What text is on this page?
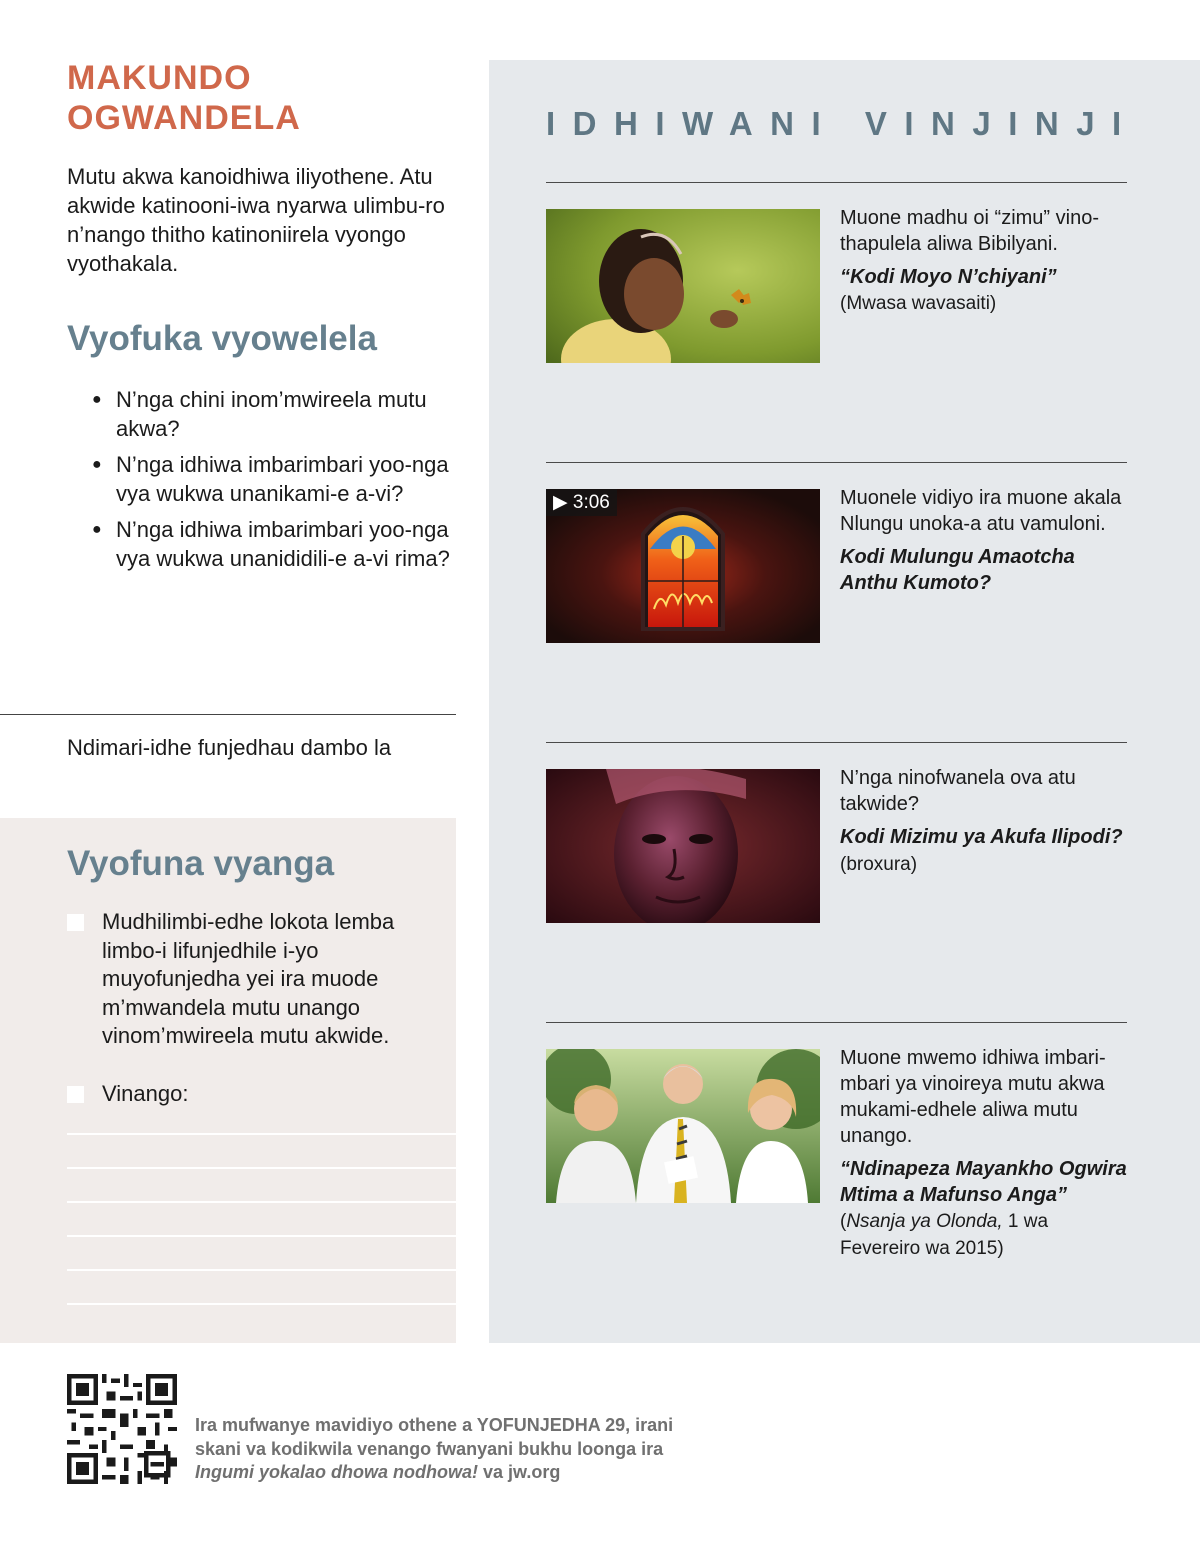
MAKUNDO
OGWANDELA

Mutu akwa kanoidhiwa iliyothene. Atu akwide katinooni-iwa nyarwa ulimbu-ro n’nango thitho katinoniirela vyongo vyothakala.

Vyofuka vyowelela
● N’nga chini inom’mwireela mutu akwa?
● N’nga idhiwa imbarimbari yoo-nga vya wukwa unanikami-e a-vi?
● N’nga idhiwa imbarimbari yoo-nga vya wukwa unanididili-e a-vi rima?

Ndimari-idhe funjedhau dambo la

Vyofuna vyanga
Mudhilimbi-edhe lokota lemba limbo-i lifunjedhile i-yo muyofunjedha yei ira muode m’mwandela mutu unango vinom’mwireela mutu akwide.
Vinango:
IDHIWANI VINJINJI
Muone madhu oi “zimu” vino-thapulela aliwa Bibilyani.
“Kodi Moyo N’chiyani”
(Mwasa wavasaiti)
▶ 3:06	Muonele vidiyo ira muone akala Nlungu unoka-a atu vamuloni.
Kodi Mulungu Amaotcha Anthu Kumoto?
N’nga ninofwanela ova atu takwide?
Kodi Mizimu ya Akufa Ilipodi? (broxura)
Muone mwemo idhiwa imbari-mbari ya vinoireya mutu akwa mukami-edhele aliwa mutu unango.
“Ndinapeza Mayankho Ogwira Mtima a Mafunso Anga”
(Nsanja ya Olonda, 1 wa Fevereiro wa 2015)

Ira mufwanye mavidiyo othene a YOFUNJEDHA 29, irani skani va kodikwila venango fwanyani bukhu loonga ira Ingumi yokalao dhowa nodhowa! va jw.org
